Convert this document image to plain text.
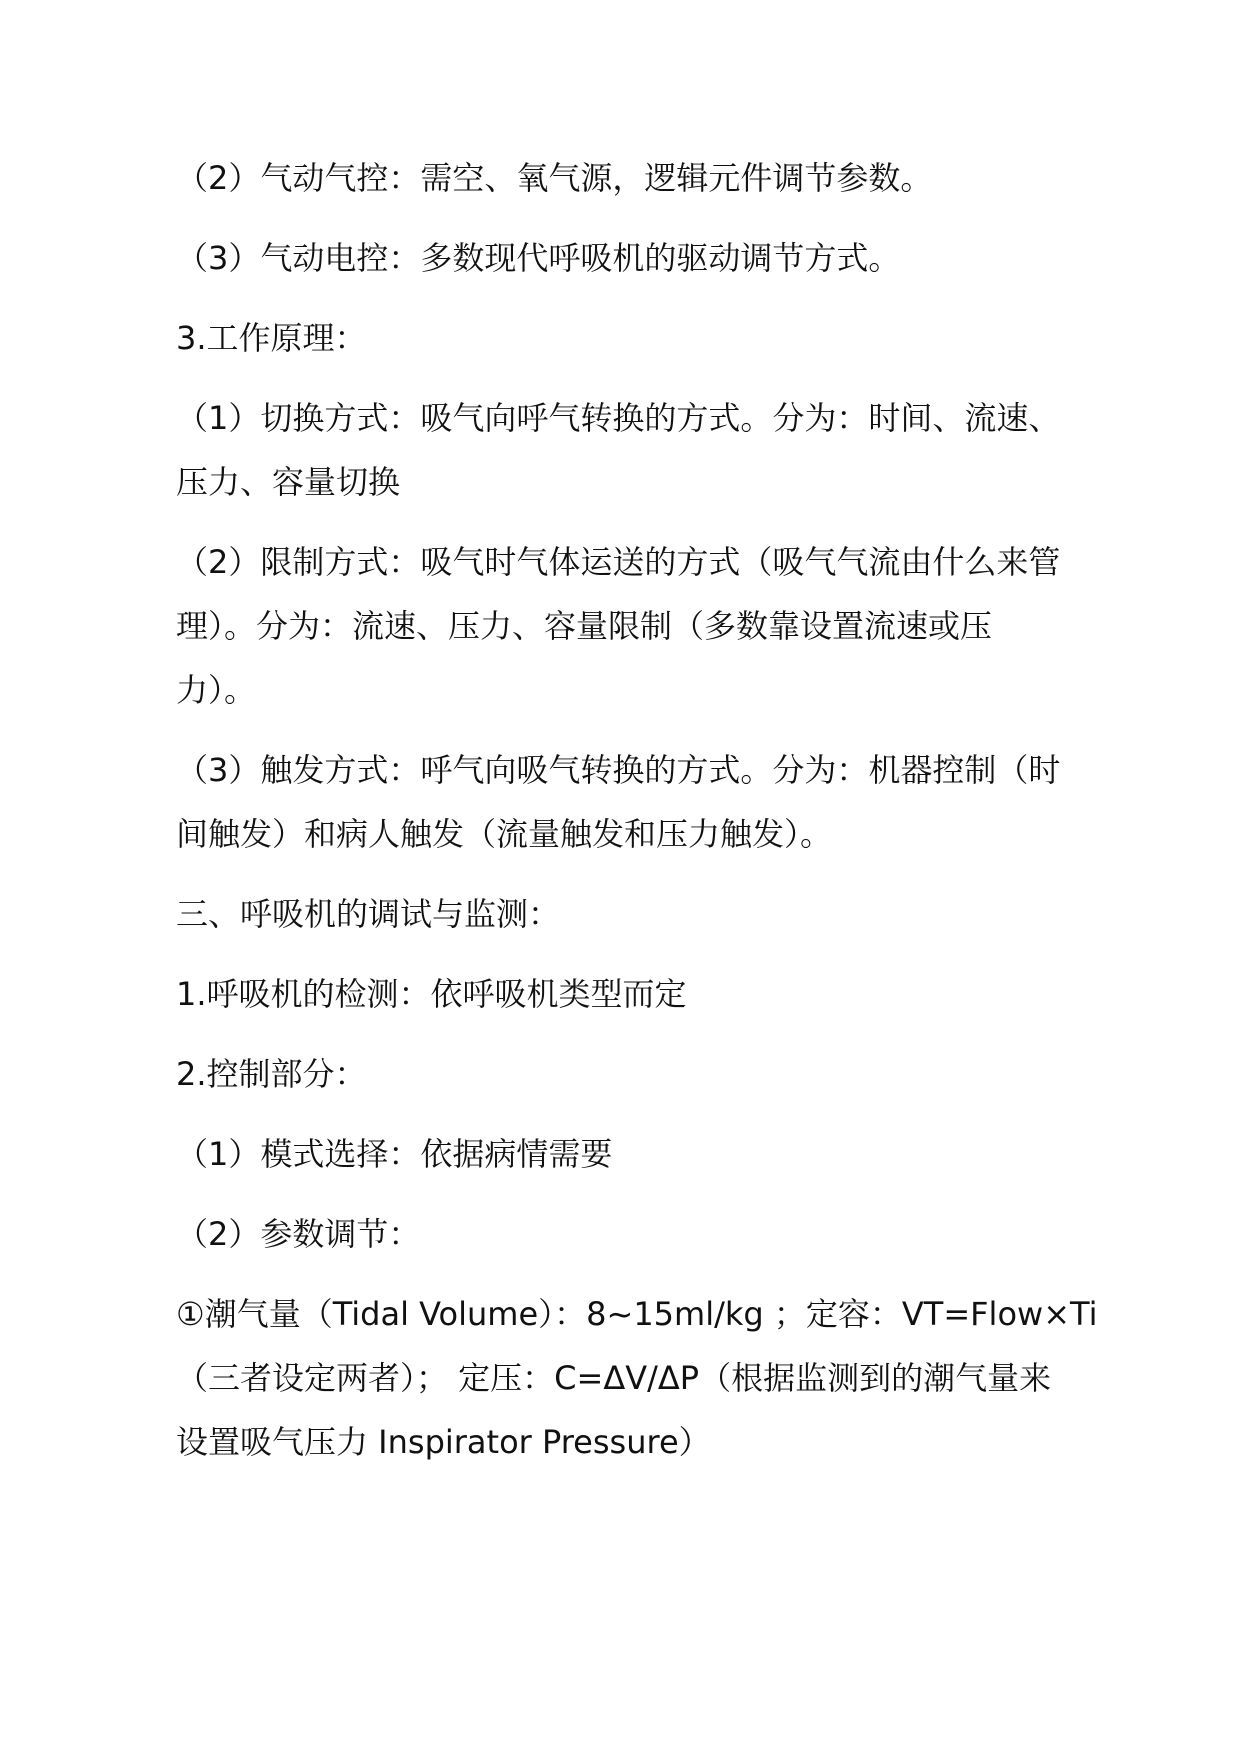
（2）气动气控：需空、氧气源，逻辑元件调节参数。

（3）气动电控：多数现代呼吸机的驱动调节方式。

3.工作原理：

（1）切换方式：吸气向呼气转换的方式。分为：时间、流速、
压力、容量切换

（2）限制方式：吸气时气体运送的方式（吸气气流由什么来管
理）。分为：流速、压力、容量限制（多数靠设置流速或压
力）。

（3）触发方式：呼气向吸气转换的方式。分为：机器控制（时
间触发）和病人触发（流量触发和压力触发）。

三、呼吸机的调试与监测：

1.呼吸机的检测：依呼吸机类型而定

2.控制部分：

（1）模式选择：依据病情需要

（2）参数调节：

①潮气量（Tidal Volume）：8~15ml/kg ；定容：VT=Flow×Ti
（三者设定两者）； 定压：C=ΔV/ΔP（根据监测到的潮气量来
设置吸气压力 Inspirator Pressure）
